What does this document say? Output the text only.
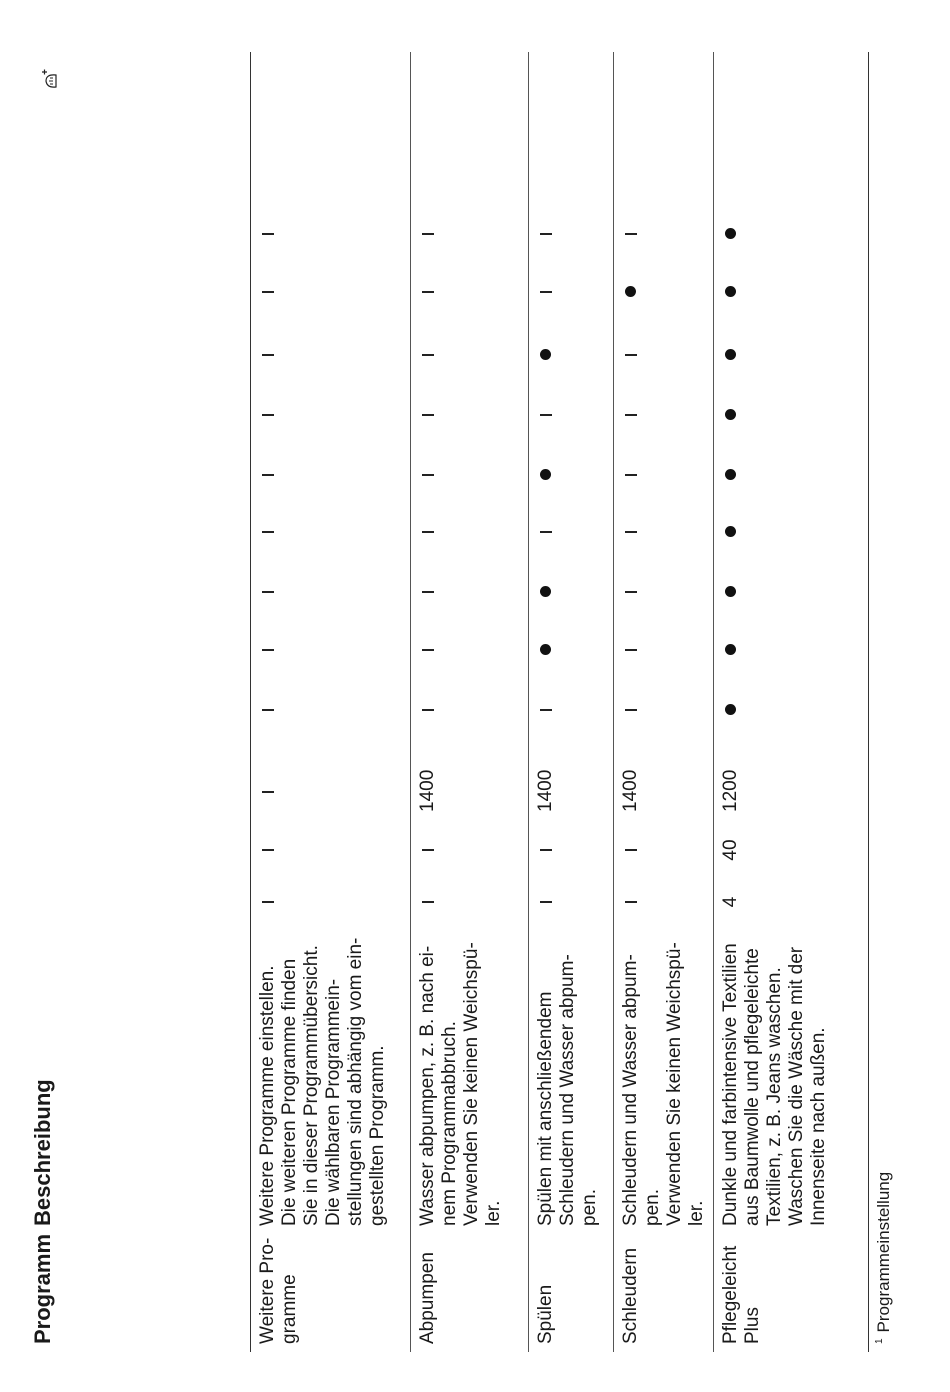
Programm
Beschreibung
Weitere Pro-
gramme
Weitere Programme einstellen.
Die weiteren Programme finden
Sie in dieser Programmübersicht.
Die wählbaren Programmein-
stellungen sind abhängig vom ein-
gestellten Programm.
Abpumpen
Wasser abpumpen, z. B. nach ei-
nem Programmabbruch.
Verwenden Sie keinen Weichspü-
ler.
1400
Spülen
Spülen mit anschließendem
Schleudern und Wasser abpum-
pen.
1400
Schleudern
Schleudern und Wasser abpum-
pen.
Verwenden Sie keinen Weichspü-
ler.
1400
Pflegeleicht Plus
Dunkle und farbintensive Textilien
aus Baumwolle und pflegeleichte
Textilien, z. B. Jeans waschen.
Waschen Sie die Wäsche mit der
Innenseite nach außen.
4
40
1200
$^1$Programmeinstellung
